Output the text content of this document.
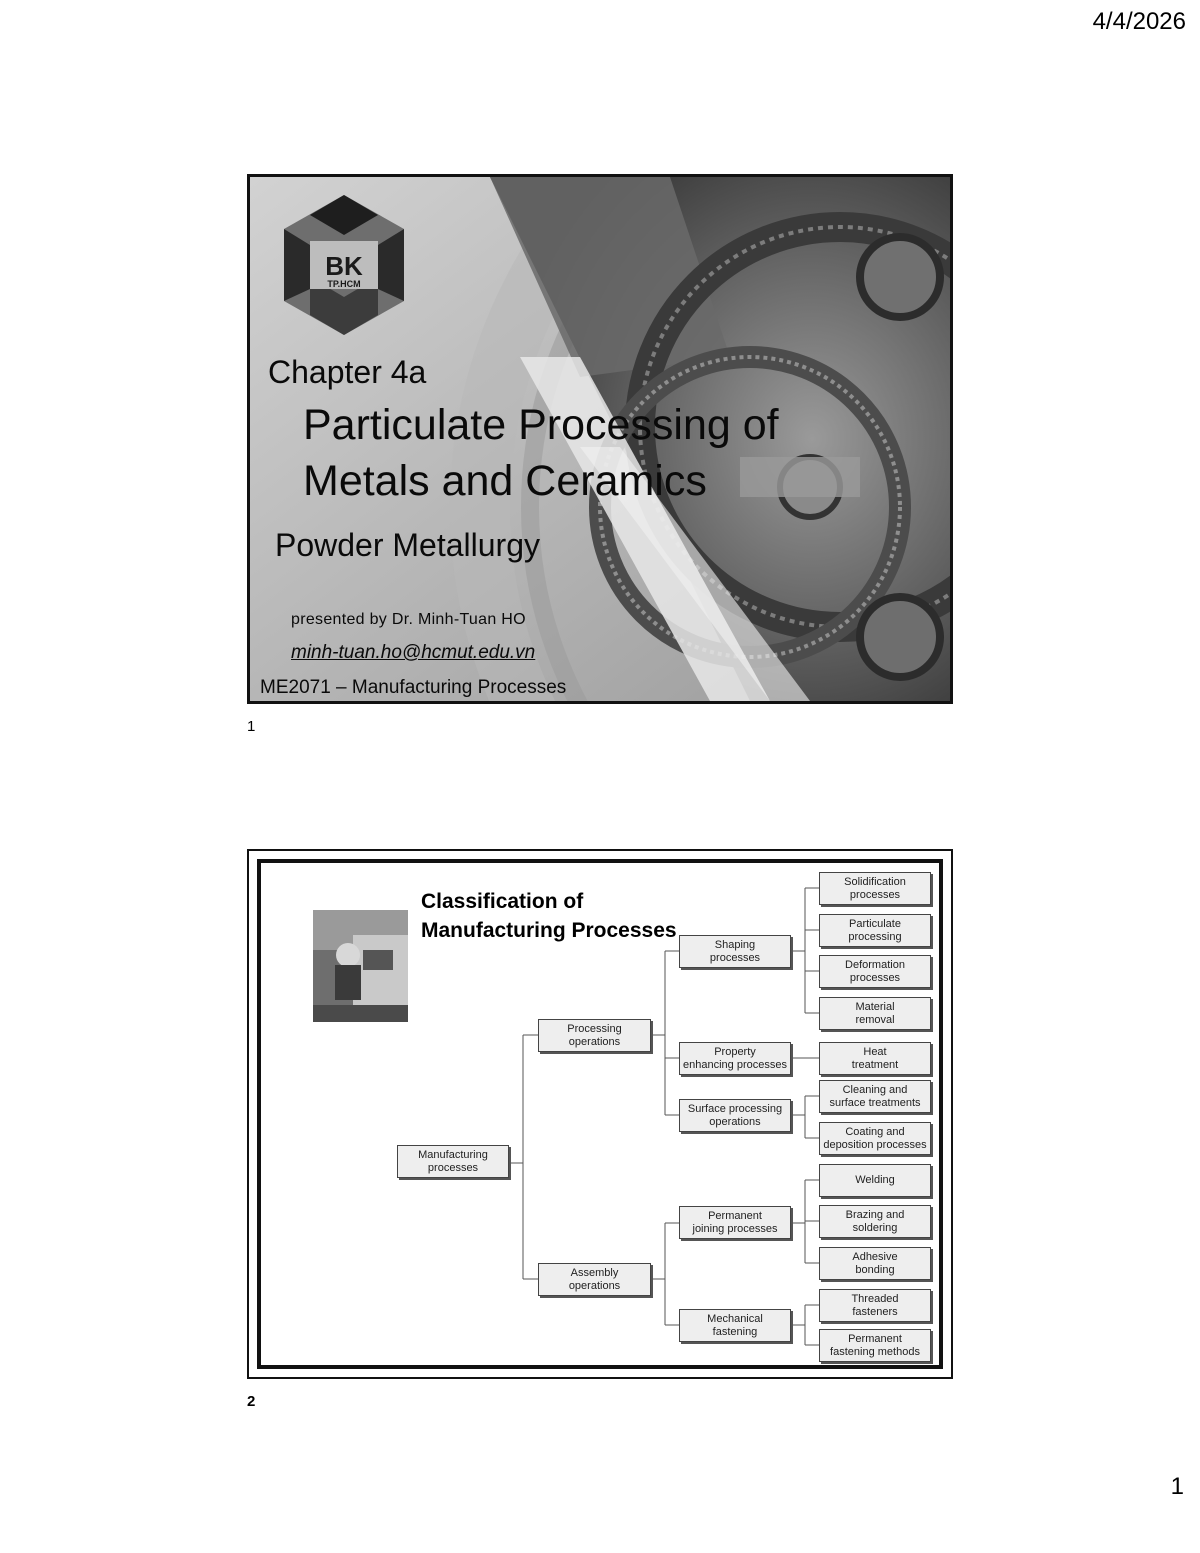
4/4/2026
BK
TP.HCM
Chapter 4a
Particulate Processing of
Metals and Ceramics
Powder Metallurgy
presented by Dr. Minh-Tuan HO
minh-tuan.ho@hcmut.edu.vn
ME2071 – Manufacturing Processes
1
Classification of
Manufacturing Processes
Manufacturing
processes
Processing
operations
Assembly
operations
Shaping
processes
Property
enhancing processes
Surface processing
operations
Permanent
joining processes
Mechanical
fastening
Solidification
processes
Particulate
processing
Deformation
processes
Material
removal
Heat
treatment
Cleaning and
surface treatments
Coating and
deposition processes
Welding
Brazing and
soldering
Adhesive
bonding
Threaded
fasteners
Permanent
fastening methods
2
1
